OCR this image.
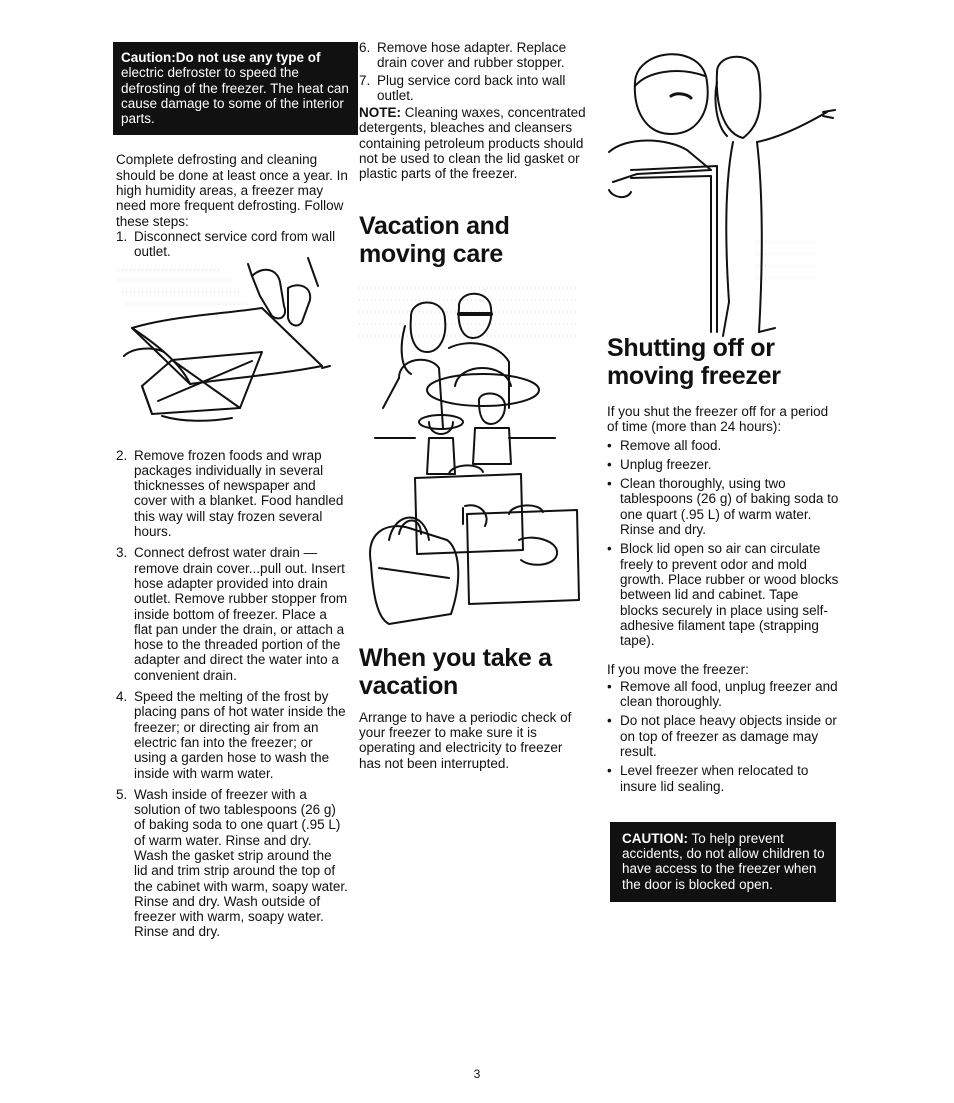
Caution:Do not use any type of electric defroster to speed the defrosting of the freezer. The heat can cause damage to some of the interior parts.

Complete defrosting and cleaning should be done at least once a year. In high humidity areas, a freezer may need more frequent defrosting. Follow these steps:

1. Disconnect service cord from wall outlet.
2. Remove frozen foods and wrap packages individually in several thicknesses of newspaper and cover with a blanket. Food handled this way will stay frozen several hours.
3. Connect defrost water drain — remove drain cover...pull out. Insert hose adapter provided into drain outlet. Remove rubber stopper from inside bottom of freezer. Place a flat pan under the drain, or attach a hose to the threaded portion of the adapter and direct the water into a convenient drain.
4. Speed the melting of the frost by placing pans of hot water inside the freezer; or directing air from an electric fan into the freezer; or using a garden hose to wash the inside with warm water.
5. Wash inside of freezer with a solution of two tablespoons (26 g) of baking soda to one quart (.95 L) of warm water. Rinse and dry. Wash the gasket strip around the lid and trim strip around the top of the cabinet with warm, soapy water. Rinse and dry. Wash outside of freezer with warm, soapy water. Rinse and dry.
6. Remove hose adapter. Replace drain cover and rubber stopper.
7. Plug service cord back into wall outlet.

NOTE: Cleaning waxes, concentrated detergents, bleaches and cleansers containing petroleum products should not be used to clean the lid gasket or plastic parts of the freezer.

Vacation and moving care
When you take a vacation

Arrange to have a periodic check of your freezer to make sure it is operating and electricity to freezer has not been interrupted.

Shutting off or moving freezer

If you shut the freezer off for a period of time (more than 24 hours):

• Remove all food.
• Unplug freezer.
• Clean thoroughly, using two tablespoons (26 g) of baking soda to one quart (.95 L) of warm water. Rinse and dry.
• Block lid open so air can circulate freely to prevent odor and mold growth. Place rubber or wood blocks between lid and cabinet. Tape blocks securely in place using self-adhesive filament tape (strapping tape).

If you move the freezer:

• Remove all food, unplug freezer and clean thoroughly.
• Do not place heavy objects inside or on top of freezer as damage may result.
• Level freezer when relocated to insure lid sealing.
CAUTION: To help prevent accidents, do not allow children to have access to the freezer when the door is blocked open.
3
